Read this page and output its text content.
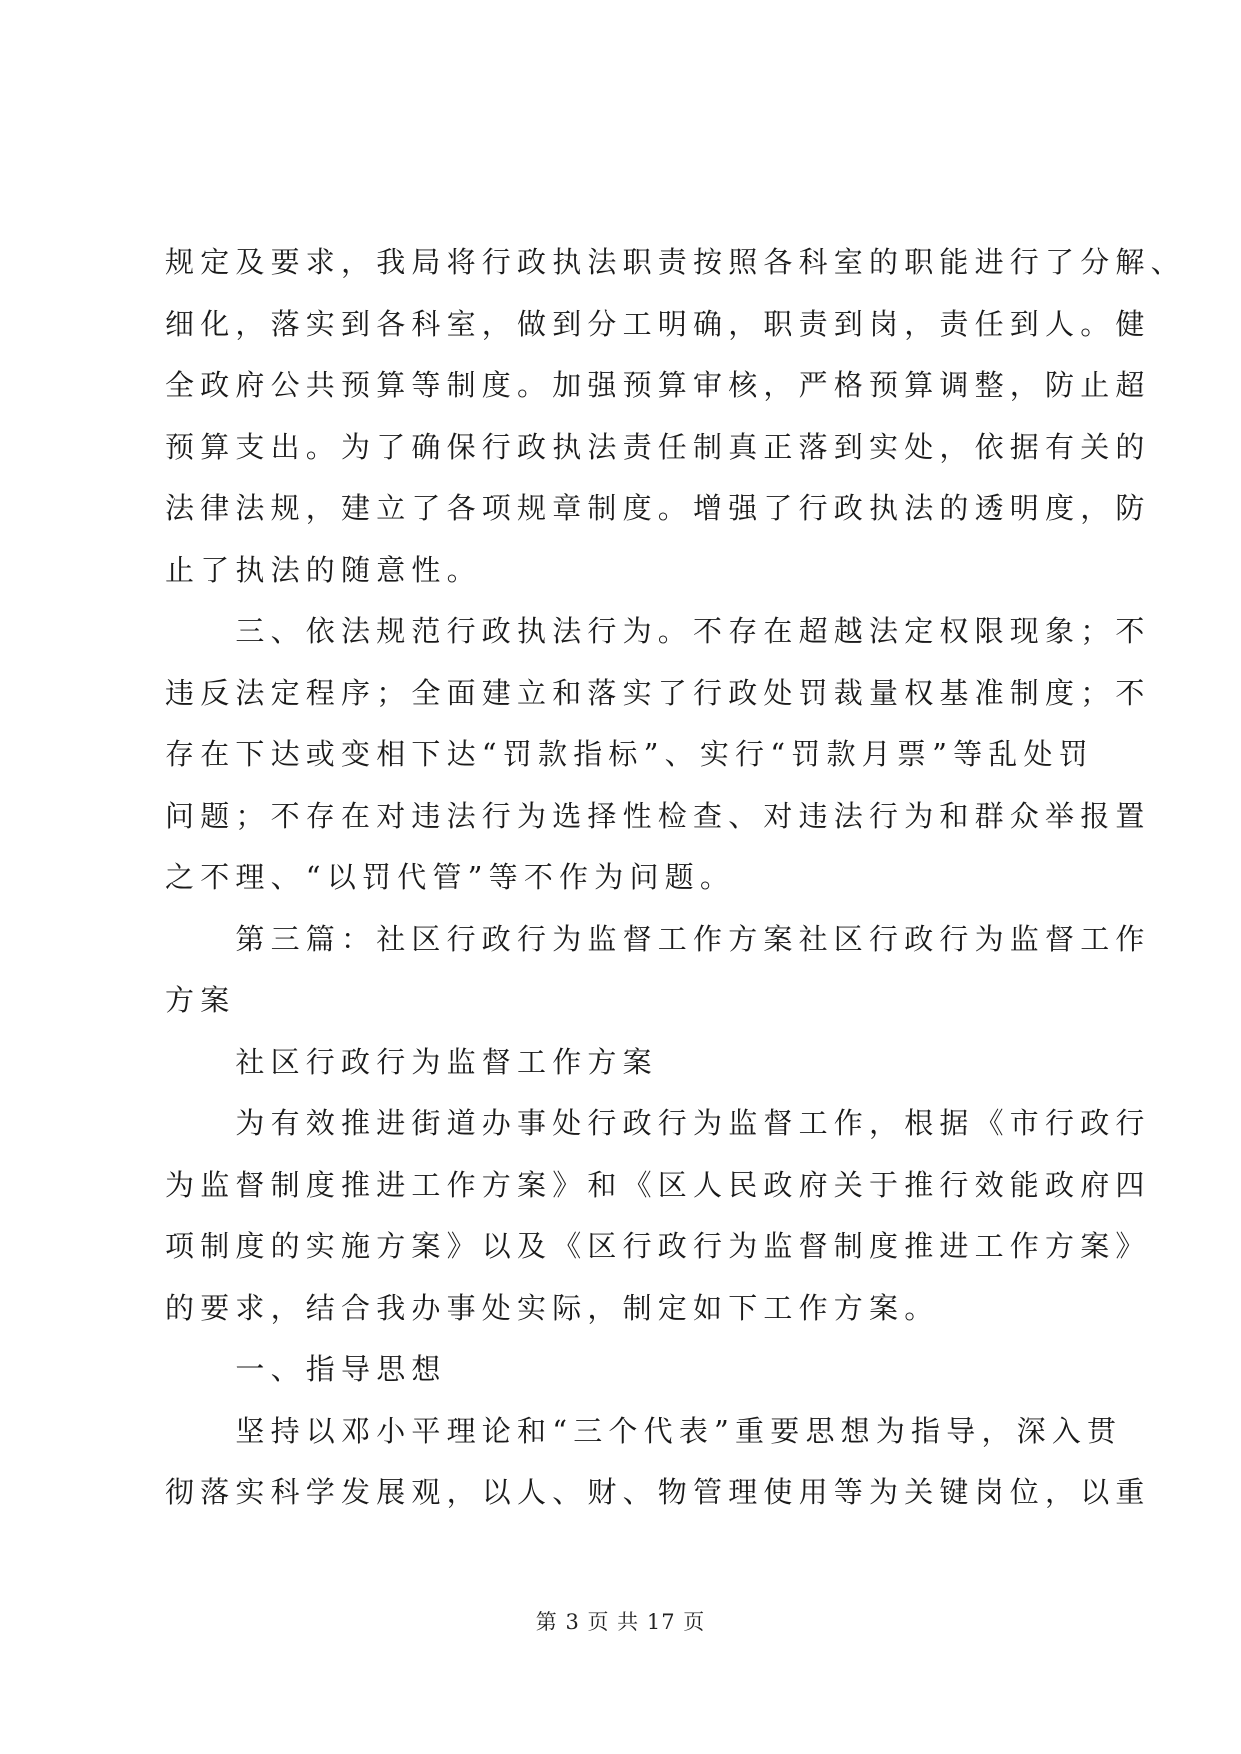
规定及要求，我局将行政执法职责按照各科室的职能进行了分解、
细化，落实到各科室，做到分工明确，职责到岗，责任到人。健
全政府公共预算等制度。加强预算审核，严格预算调整，防止超
预算支出。为了确保行政执法责任制真正落到实处，依据有关的
法律法规，建立了各项规章制度。增强了行政执法的透明度，防
止了执法的随意性。
　　三、依法规范行政执法行为。不存在超越法定权限现象；不
违反法定程序；全面建立和落实了行政处罚裁量权基准制度；不
存在下达或变相下达“罚款指标”、实行“罚款月票”等乱处罚
问题；不存在对违法行为选择性检查、对违法行为和群众举报置
之不理、“以罚代管”等不作为问题。
　　第三篇：社区行政行为监督工作方案社区行政行为监督工作
方案
　　社区行政行为监督工作方案
　　为有效推进街道办事处行政行为监督工作，根据《市行政行
为监督制度推进工作方案》和《区人民政府关于推行效能政府四
项制度的实施方案》以及《区行政行为监督制度推进工作方案》
的要求，结合我办事处实际，制定如下工作方案。
　　一、指导思想
　　坚持以邓小平理论和“三个代表”重要思想为指导，深入贯
彻落实科学发展观，以人、财、物管理使用等为关键岗位，以重
第 3 页 共 17 页
